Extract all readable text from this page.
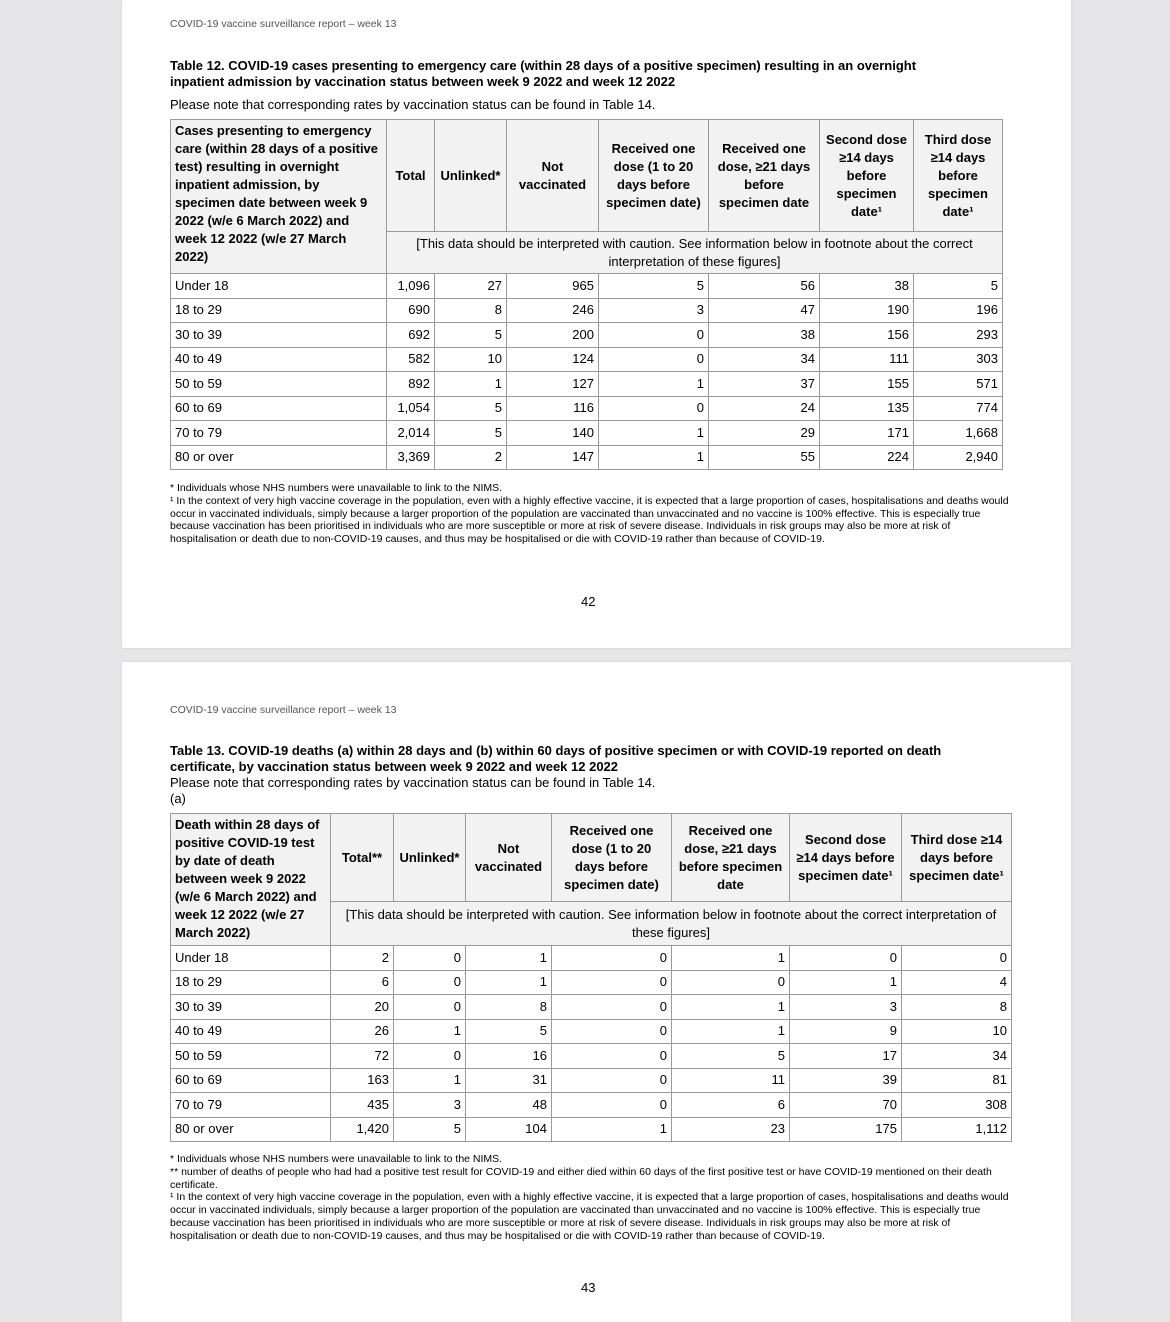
COVID-19 vaccine surveillance report – week 13
Table 12. COVID-19 cases presenting to emergency care (within 28 days of a positive specimen) resulting in an overnight inpatient admission by vaccination status between week 9 2022 and week 12 2022
Please note that corresponding rates by vaccination status can be found in Table 14.
Cases presenting to emergency care (within 28 days of a positive test) resulting in overnight inpatient admission, by specimen date between week 9 2022 (w/e 6 March 2022) and week 12 2022 (w/e 27 March 2022)	Total	Unlinked*	Not vaccinated	Received one dose (1 to 20 days before specimen date)	Received one dose, ≥21 days before specimen date	Second dose ≥14 days before specimen date¹	Third dose ≥14 days before specimen date¹
	[This data should be interpreted with caution. See information below in footnote about the correct interpretation of these figures]						
Under 18	1,096	27	965	5	56	38	5
18 to 29	690	8	246	3	47	190	196
30 to 39	692	5	200	0	38	156	293
40 to 49	582	10	124	0	34	111	303
50 to 59	892	1	127	1	37	155	571
60 to 69	1,054	5	116	0	24	135	774
70 to 79	2,014	5	140	1	29	171	1,668
80 or over	3,369	2	147	1	55	224	2,940
* Individuals whose NHS numbers were unavailable to link to the NIMS.
¹ In the context of very high vaccine coverage in the population, even with a highly effective vaccine, it is expected that a large proportion of cases, hospitalisations and deaths would occur in vaccinated individuals, simply because a larger proportion of the population are vaccinated than unvaccinated and no vaccine is 100% effective. This is especially true because vaccination has been prioritised in individuals who are more susceptible or more at risk of severe disease. Individuals in risk groups may also be more at risk of hospitalisation or death due to non-COVID-19 causes, and thus may be hospitalised or die with COVID-19 rather than because of COVID-19.
42
COVID-19 vaccine surveillance report – week 13
Table 13. COVID-19 deaths (a) within 28 days and (b) within 60 days of positive specimen or with COVID-19 reported on death certificate, by vaccination status between week 9 2022 and week 12 2022
Please note that corresponding rates by vaccination status can be found in Table 14.
(a)
Death within 28 days of positive COVID-19 test by date of death between week 9 2022 (w/e 6 March 2022) and week 12 2022 (w/e 27 March 2022)	Total**	Unlinked*	Not vaccinated	Received one dose (1 to 20 days before specimen date)	Received one dose, ≥21 days before specimen date	Second dose ≥14 days before specimen date¹	Third dose ≥14 days before specimen date¹
	[This data should be interpreted with caution. See information below in footnote about the correct interpretation of these figures]						
Under 18	2	0	1	0	1	0	0
18 to 29	6	0	1	0	0	1	4
30 to 39	20	0	8	0	1	3	8
40 to 49	26	1	5	0	1	9	10
50 to 59	72	0	16	0	5	17	34
60 to 69	163	1	31	0	11	39	81
70 to 79	435	3	48	0	6	70	308
80 or over	1,420	5	104	1	23	175	1,112
* Individuals whose NHS numbers were unavailable to link to the NIMS.
** number of deaths of people who had had a positive test result for COVID-19 and either died within 60 days of the first positive test or have COVID-19 mentioned on their death certificate.
¹ In the context of very high vaccine coverage in the population, even with a highly effective vaccine, it is expected that a large proportion of cases, hospitalisations and deaths would occur in vaccinated individuals, simply because a larger proportion of the population are vaccinated than unvaccinated and no vaccine is 100% effective. This is especially true because vaccination has been prioritised in individuals who are more susceptible or more at risk of severe disease. Individuals in risk groups may also be more at risk of hospitalisation or death due to non-COVID-19 causes, and thus may be hospitalised or die with COVID-19 rather than because of COVID-19.
43
